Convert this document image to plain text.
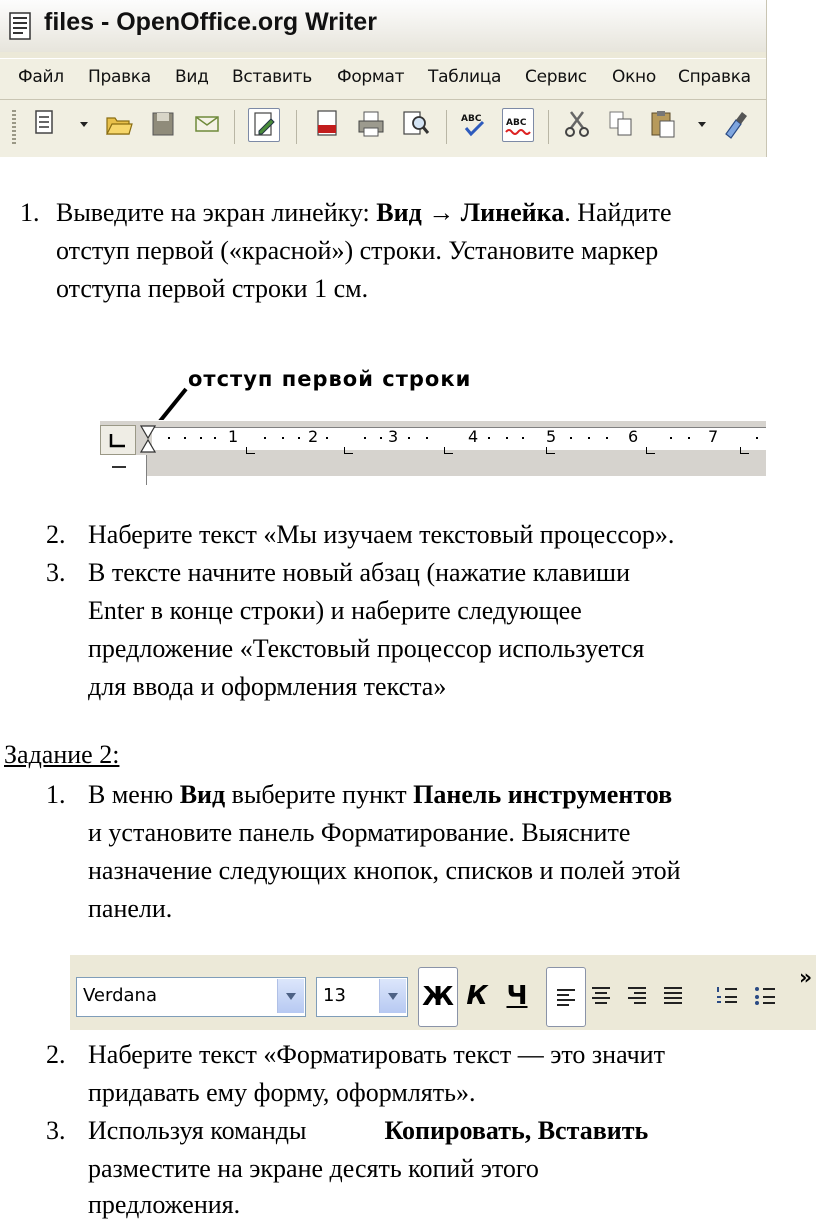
files - OpenOffice.org Writer
Файл Правка Вид Вставить Формат Таблица Сервис Окно Справка
ABC	ABC
1. Выведите на экран линейку: Вид → Линейка. Найдите
отступ первой («красной») строки. Установите маркер
отступа первой строки 1 см.
отступ первой строки
1	2	3	4	5	6	7
2. Наберите текст «Мы изучаем текстовый процессор».
3. В тексте начните новый абзац (нажатие клавиши
Enter в конце строки) и наберите следующее
предложение «Текстовый процессор используется
для ввода и оформления текста»
Задание 2:
1. В меню Вид выберите пункт Панель инструментов
и установите панель Форматирование. Выясните
назначение следующих кнопок, списков и полей этой
панели.
Verdana	13	Ж К Ч
»
2. Наберите текст «Форматировать текст — это значит
придавать ему форму, оформлять».
3. Используя команды            Копировать, Вставить
разместите на экране десять копий этого
предложения.
